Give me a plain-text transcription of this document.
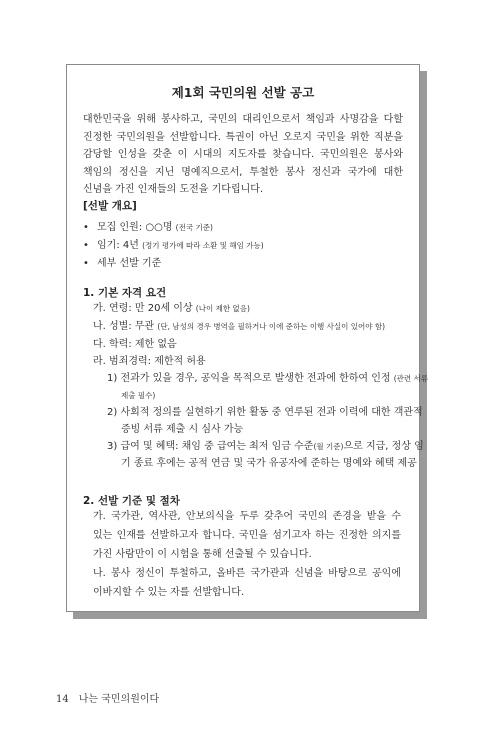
제1회 국민의원 선발 공고
대한민국을 위해 봉사하고, 국민의 대리인으로서 책임과 사명감을 다할 진정한 국민의원을 선발합니다. 특권이 아닌 오로지 국민을 위한 직분을 감당할 인성을 갖춘 이 시대의 지도자를 찾습니다. 국민의원은 봉사와 책임의 정신을 지닌 명예직으로서, 투철한 봉사 정신과 국가에 대한 신념을 가진 인재들의 도전을 기다립니다.
[선발 개요]
• 모집 인원: ○○명 (전국 기준)
• 임기: 4년 (정기 평가에 따라 소환 및 해임 가능)
• 세부 선발 기준
1. 기본 자격 요건
가. 연령: 만 20세 이상 (나이 제한 없음)
나. 성별: 무관 (단, 남성의 경우 병역을 필하거나 이에 준하는 이행 사실이 있어야 함)
다. 학력: 제한 없음
라. 범죄경력: 제한적 허용
1) 전과가 있을 경우, 공익을 목적으로 발생한 전과에 한하여 인정 (관련 서류
제출 필수)
2) 사회적 정의를 실현하기 위한 활동 중 연루된 전과 이력에 대한 객관적
증빙 서류 제출 시 심사 가능
3) 급여 및 혜택: 채임 중 급여는 최저 임금 수준(월 기준)으로 지급, 정상 임
기 종료 후에는 공적 연금 및 국가 유공자에 준하는 명예와 혜택 제공
2. 선발 기준 및 절차
가. 국가관, 역사관, 안보의식을 두루 갖추어 국민의 존경을 받을 수 있는 인재를 선발하고자 합니다. 국민을 섬기고자 하는 진정한 의지를 가진 사람만이 이 시험을 통해 선출될 수 있습니다.
나. 봉사 정신이 투철하고, 올바른 국가관과 신념을 바탕으로 공익에 이바지할 수 있는 자를 선발합니다.
14 나는 국민의원이다
